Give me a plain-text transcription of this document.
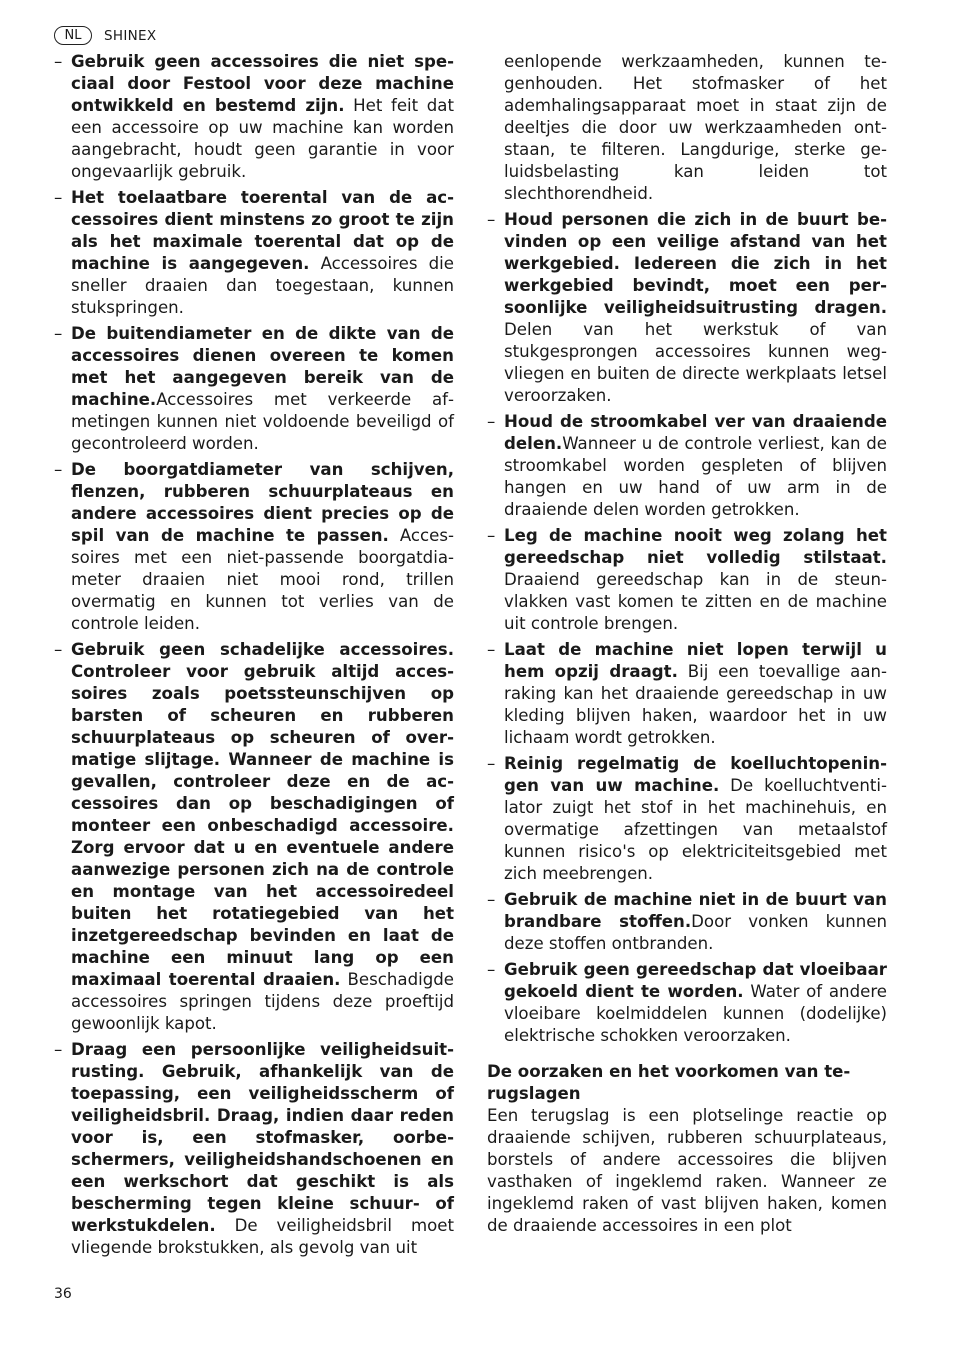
NL	SHINEX

– Gebruik geen accessoires die niet speciaal door Festool voor deze machine ontwikkeld en bestemd zijn. Het feit dat een accessoire op uw machine kan worden aangebracht, houdt geen garantie in voor ongevaarlijk gebruik.

– Het toelaatbare toerental van de accessoires dient minstens zo groot te zijn als het maximale toerental dat op de machine is aangegeven. Accessoires die sneller draaien dan toegestaan, kunnen stukspringen.

– De buitendiameter en de dikte van de accessoires dienen overeen te komen met het aangegeven bereik van de machine.Accessoires met verkeerde afmetingen kunnen niet voldoende beveiligd of gecontroleerd worden.

– De boorgatdiameter van schijven, flenzen, rubberen schuurplateaus en andere accessoires dient precies op de spil van de machine te passen. Accessoires met een niet-passende boorgatdiameter draaien niet mooi rond, trillen overmatig en kunnen tot verlies van de controle leiden.

– Gebruik geen schadelijke accessoires. Controleer voor gebruik altijd accessoires zoals poetssteunschijven op barsten of scheuren en rubberen schuurplateaus op scheuren of overmatige slijtage. Wanneer de machine is gevallen, controleer deze en de accessoires dan op beschadigingen of monteer een onbeschadigd accessoire. Zorg ervoor dat u en eventuele andere aanwezige personen zich na de controle en montage van het accessoiredeel buiten het rotatiegebied van het inzetgereedschap bevinden en laat de machine een minuut lang op een maximaal toerental draaien. Beschadigde accessoires springen tijdens deze proeftijd gewoonlijk kapot.

– Draag een persoonlijke veiligheidsuitrusting. Gebruik, afhankelijk van de toepassing, een veiligheidsscherm of veiligheidsbril. Draag, indien daar reden voor is, een stofmasker, oorbeschermers, veiligheidshandschoenen en een werkschort dat geschikt is als bescherming tegen kleine schuur- of werkstukdelen. De veiligheidsbril moet vliegende brokstukken, als gevolg van uit

eenlopende werkzaamheden, kunnen tegenhouden. Het stofmasker of het ademhalingsapparaat moet in staat zijn de deeltjes die door uw werkzaamheden ontstaan, te filteren. Langdurige, sterke geluidsbelasting kan leiden tot slechthorendheid.

– Houd personen die zich in de buurt bevinden op een veilige afstand van het werkgebied. Iedereen die zich in het werkgebied bevindt, moet een persoonlijke veiligheidsuitrusting dragen. Delen van het werkstuk of van stukgesprongen accessoires kunnen wegvliegen en buiten de directe werkplaats letsel veroorzaken.

– Houd de stroomkabel ver van draaiende delen.Wanneer u de controle verliest, kan de stroomkabel worden gespleten of blijven hangen en uw hand of uw arm in de draaiende delen worden getrokken.

– Leg de machine nooit weg zolang het gereedschap niet volledig stilstaat. Draaiend gereedschap kan in de steunvlakken vast komen te zitten en de machine uit controle brengen.

– Laat de machine niet lopen terwijl u hem opzij draagt. Bij een toevallige aanraking kan het draaiende gereedschap in uw kleding blijven haken, waardoor het in uw lichaam wordt getrokken.

– Reinig regelmatig de koelluchtopeningen van uw machine. De koelluchtventilator zuigt het stof in het machinehuis, en overmatige afzettingen van metaalstof kunnen risico's op elektriciteitsgebied met zich meebrengen.

– Gebruik de machine niet in de buurt van brandbare stoffen.Door vonken kunnen deze stoffen ontbranden.

– Gebruik geen gereedschap dat vloeibaar gekoeld dient te worden. Water of andere vloeibare koelmiddelen kunnen (dodelijke) elektrische schokken veroorzaken.

De oorzaken en het voorkomen van terugslagen

Een terugslag is een plotselinge reactie op draaiende schijven, rubberen schuurplateaus, borstels of andere accessoires die blijven vasthaken of ingeklemd raken. Wanneer ze ingeklemd raken of vast blijven haken, komen de draaiende accessoires in een plot

36
